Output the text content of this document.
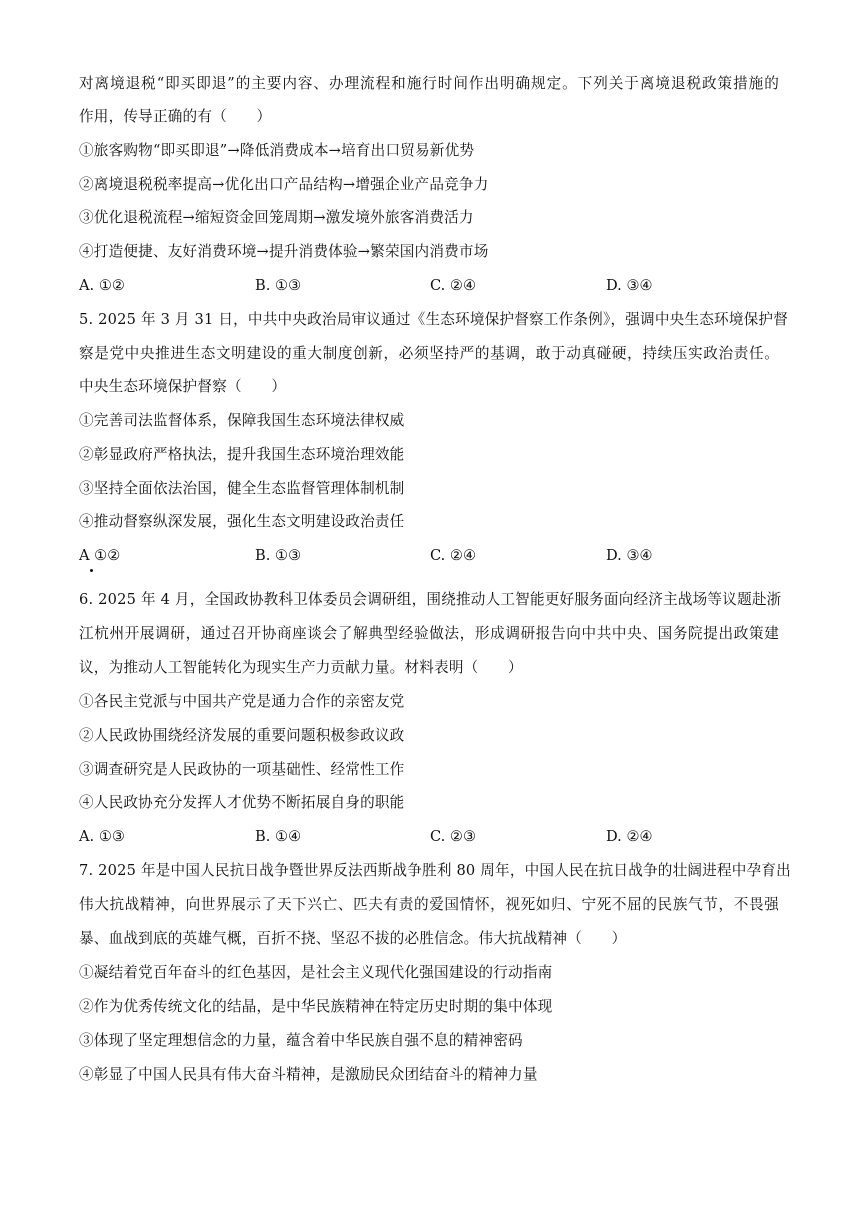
对离境退税“即买即退”的主要内容、办理流程和施行时间作出明确规定。下列关于离境退税政策措施的
作用，传导正确的有（　　）
①旅客购物“即买即退”→降低消费成本→培育出口贸易新优势
②离境退税税率提高→优化出口产品结构→增强企业产品竞争力
③优化退税流程→缩短资金回笼周期→激发境外旅客消费活力
④打造便捷、友好消费环境→提升消费体验→繁荣国内消费市场
A. ①②	B. ①③	C. ②④	D. ③④
5. 2025 年 3 月 31 日，中共中央政治局审议通过《生态环境保护督察工作条例》，强调中央生态环境保护督
察是党中央推进生态文明建设的重大制度创新，必须坚持严的基调，敢于动真碰硬，持续压实政治责任。
中央生态环境保护督察（　　）
①完善司法监督体系，保障我国生态环境法律权威
②彰显政府严格执法，提升我国生态环境治理效能
③坚持全面依法治国，健全生态监督管理体制机制
④推动督察纵深发展，强化生态文明建设政治责任
A ①②	B. ①③	C. ②④	D. ③④
6. 2025 年 4 月，全国政协教科卫体委员会调研组，围绕推动人工智能更好服务面向经济主战场等议题赴浙
江杭州开展调研，通过召开协商座谈会了解典型经验做法，形成调研报告向中共中央、国务院提出政策建
议，为推动人工智能转化为现实生产力贡献力量。材料表明（　　）
①各民主党派与中国共产党是通力合作的亲密友党
②人民政协围绕经济发展的重要问题积极参政议政
③调查研究是人民政协的一项基础性、经常性工作
④人民政协充分发挥人才优势不断拓展自身的职能
A. ①③	B. ①④	C. ②③	D. ②④
7. 2025 年是中国人民抗日战争暨世界反法西斯战争胜利 80 周年，中国人民在抗日战争的壮阔进程中孕育出
伟大抗战精神，向世界展示了天下兴亡、匹夫有责的爱国情怀，视死如归、宁死不屈的民族气节，不畏强
暴、血战到底的英雄气概，百折不挠、坚忍不拔的必胜信念。伟大抗战精神（　　）
①凝结着党百年奋斗的红色基因，是社会主义现代化强国建设的行动指南
②作为优秀传统文化的结晶，是中华民族精神在特定历史时期的集中体现
③体现了坚定理想信念的力量，蕴含着中华民族自强不息的精神密码
④彰显了中国人民具有伟大奋斗精神，是激励民众团结奋斗的精神力量
